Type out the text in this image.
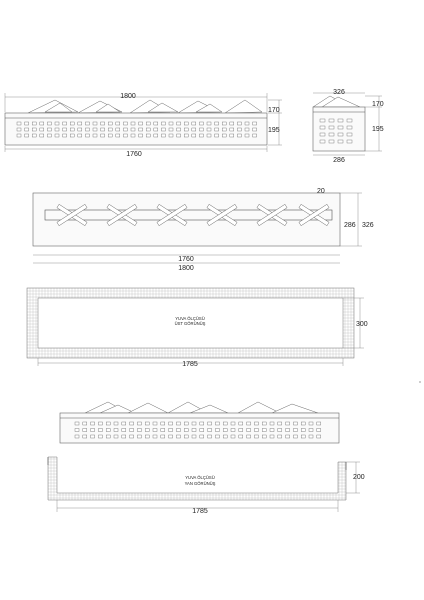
1800
1760
170
195
326
286
170
195
20
286 326
1760
1800
YUVA ÖLÇÜSÜ
ÜST GÖRÜNÜŞ	300
1785
YUVA ÖLÇÜSÜ
YAN GÖRÜNÜŞ
200
1785
